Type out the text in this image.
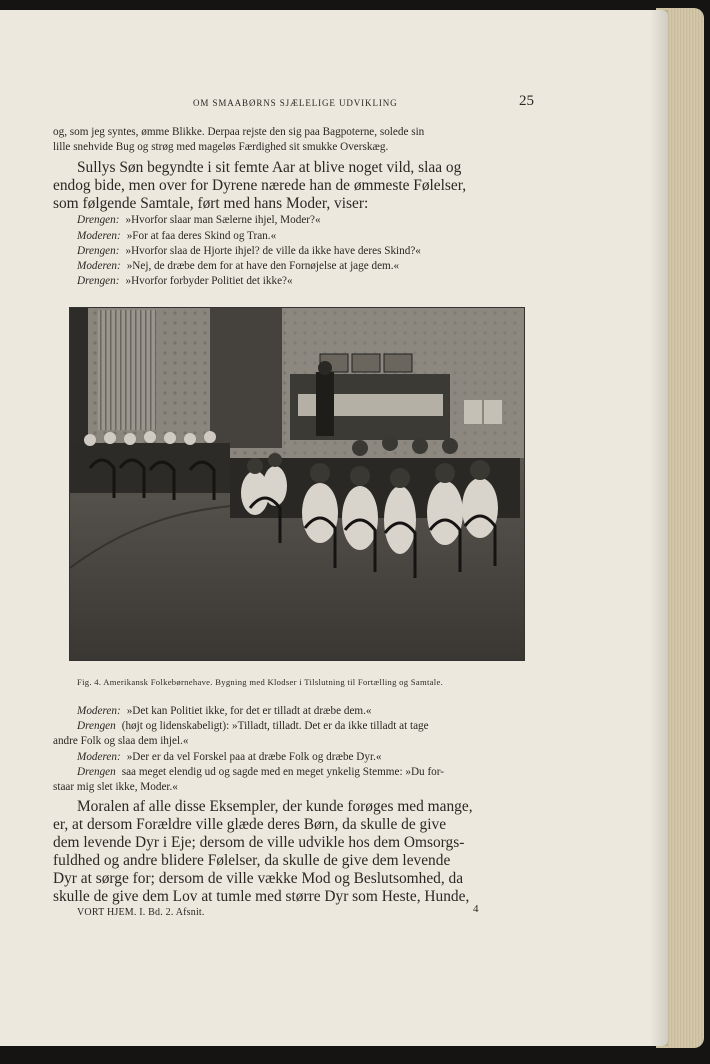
OM SMAABØRNS SJÆLELIGE UDVIKLING	25
og, som jeg syntes, ømme Blikke. Derpaa rejste den sig paa Bagpoterne, solede sin
lille snehvide Bug og strøg med mageløs Færdighed sit smukke Overskæg.
Sullys Søn begyndte i sit femte Aar at blive noget vild, slaa og
endog bide, men over for Dyrene nærede han de ømmeste Følelser,
som følgende Samtale, ført med hans Moder, viser:
Drengen: »Hvorfor slaar man Sælerne ihjel, Moder?«
Moderen: »For at faa deres Skind og Tran.«
Drengen: »Hvorfor slaa de Hjorte ihjel? de ville da ikke have deres Skind?«
Moderen: »Nej, de dræbe dem for at have den Fornøjelse at jage dem.«
Drengen: »Hvorfor forbyder Politiet det ikke?«
Fig. 4. Amerikansk Folkebørnehave. Bygning med Klodser i Tilslutning til Fortælling og Samtale.
Moderen: »Det kan Politiet ikke, for det er tilladt at dræbe dem.«
Drengen (højt og lidenskabeligt): »Tilladt, tilladt. Det er da ikke tilladt at tage
andre Folk og slaa dem ihjel.«
Moderen: »Der er da vel Forskel paa at dræbe Folk og dræbe Dyr.«
Drengen saa meget elendig ud og sagde med en meget ynkelig Stemme: »Du for-
staar mig slet ikke, Moder.«
Moralen af alle disse Eksempler, der kunde forøges med mange,
er, at dersom Forældre ville glæde deres Børn, da skulle de give
dem levende Dyr i Eje; dersom de ville udvikle hos dem Omsorgs-
fuldhed og andre blidere Følelser, da skulle de give dem levende
Dyr at sørge for; dersom de ville vække Mod og Beslutsomhed, da
skulle de give dem Lov at tumle med større Dyr som Heste, Hunde,
VORT HJEM. I. Bd. 2. Afsnit.	4
